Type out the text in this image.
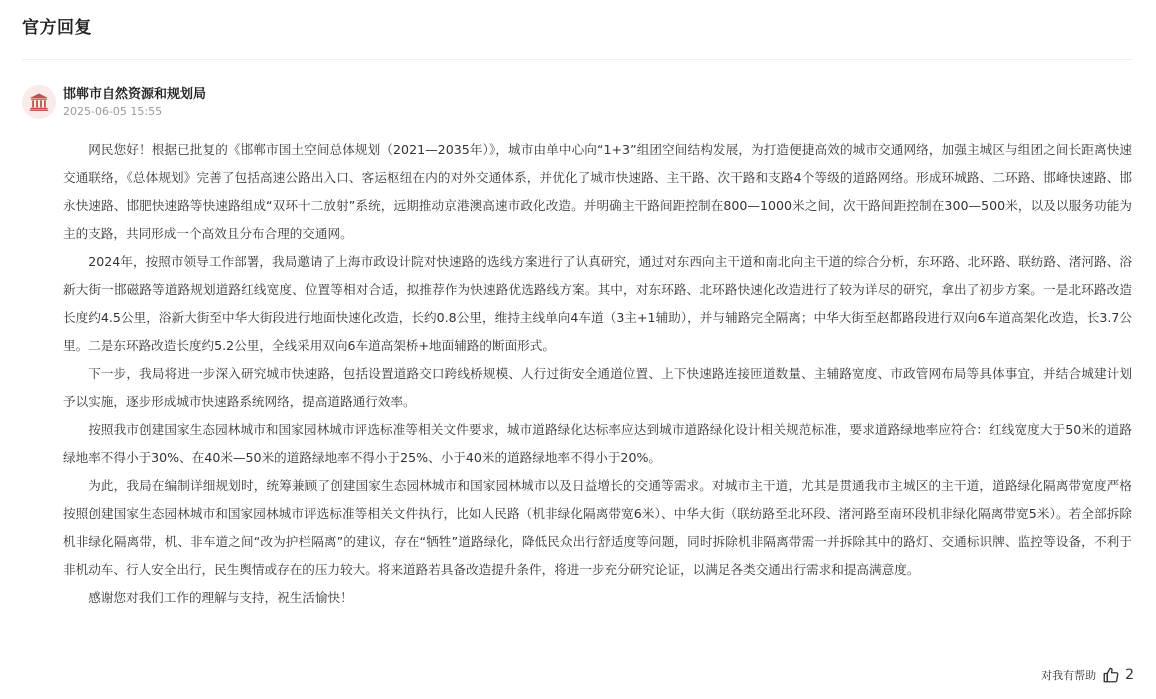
官方回复
邯郸市自然资源和规划局
2025-06-05 15:55

网民您好！根据已批复的《邯郸市国土空间总体规划（2021—2035年）》，城市由单中心向“1+3”组团空间结构发展，为打造便捷高效的城市交通网络，加强主城区与组团之间长距离快速交通联络，《总体规划》完善了包括高速公路出入口、客运枢纽在内的对外交通体系，并优化了城市快速路、主干路、次干路和支路4个等级的道路网络。形成环城路、二环路、邯峰快速路、邯永快速路、邯肥快速路等快速路组成“双环十二放射”系统，远期推动京港澳高速市政化改造。并明确主干路间距控制在800—1000米之间，次干路间距控制在300—500米，以及以服务功能为主的支路，共同形成一个高效且分布合理的交通网。

2024年，按照市领导工作部署，我局邀请了上海市政设计院对快速路的选线方案进行了认真研究，通过对东西向主干道和南北向主干道的综合分析，东环路、北环路、联纺路、渚河路、浴新大街一邯磁路等道路规划道路红线宽度、位置等相对合适，拟推荐作为快速路优选路线方案。其中，对东环路、北环路快速化改造进行了较为详尽的研究，拿出了初步方案。一是北环路改造长度约4.5公里，浴新大街至中华大街段进行地面快速化改造，长约0.8公里，维持主线单向4车道（3主+1辅助），并与辅路完全隔离；中华大街至赵都路段进行双向6车道高架化改造，长3.7公里。二是东环路改造长度约5.2公里，全线采用双向6车道高架桥+地面辅路的断面形式。

下一步，我局将进一步深入研究城市快速路，包括设置道路交口跨线桥规模、人行过街安全通道位置、上下快速路连接匝道数量、主辅路宽度、市政管网布局等具体事宜，并结合城建计划予以实施，逐步形成城市快速路系统网络，提高道路通行效率。

按照我市创建国家生态园林城市和国家园林城市评选标准等相关文件要求，城市道路绿化达标率应达到城市道路绿化设计相关规范标准，要求道路绿地率应符合：红线宽度大于50米的道路绿地率不得小于30%、在40米—50米的道路绿地率不得小于25%、小于40米的道路绿地率不得小于20%。

为此，我局在编制详细规划时，统筹兼顾了创建国家生态园林城市和国家园林城市以及日益增长的交通等需求。对城市主干道，尤其是贯通我市主城区的主干道，道路绿化隔离带宽度严格按照创建国家生态园林城市和国家园林城市评选标准等相关文件执行，比如人民路（机非绿化隔离带宽6米）、中华大街（联纺路至北环段、渚河路至南环段机非绿化隔离带宽5米）。若全部拆除机非绿化隔离带，机、非车道之间“改为护栏隔离”的建议，存在“牺牲”道路绿化，降低民众出行舒适度等问题，同时拆除机非隔离带需一并拆除其中的路灯、交通标识牌、监控等设备，不利于非机动车、行人安全出行，民生舆情或存在的压力较大。将来道路若具备改造提升条件，将进一步充分研究论证，以满足各类交通出行需求和提高满意度。

感谢您对我们工作的理解与支持，祝生活愉快！

对我有帮助 2
